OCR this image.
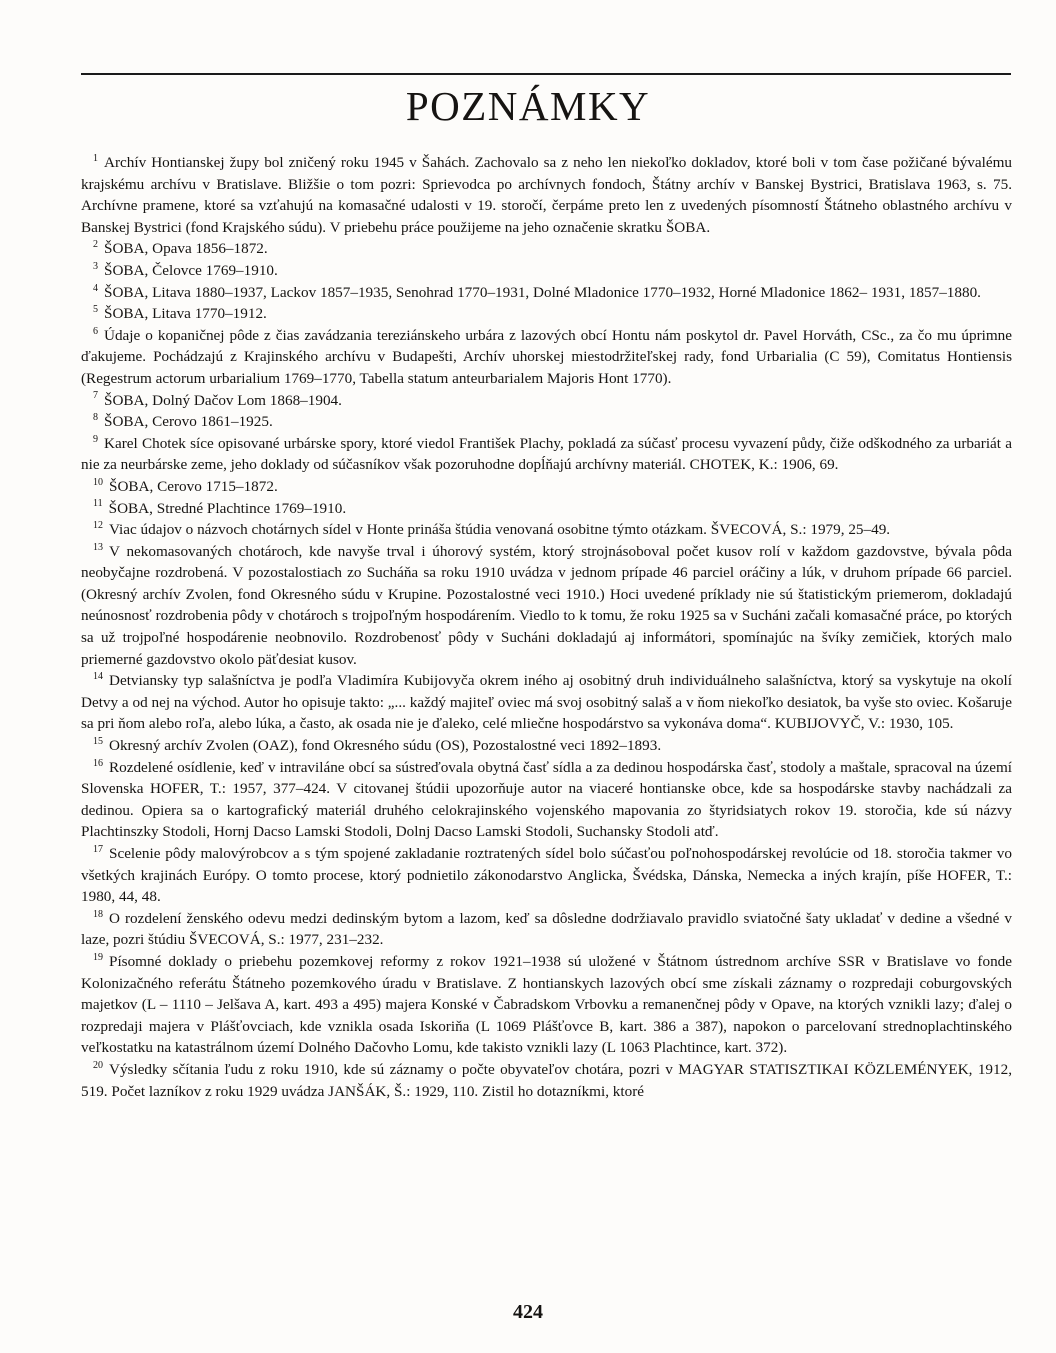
POZNÁMKY

$^1$ Archív Hontianskej župy bol zničený roku 1945 v Šahách. Zachovalo sa z neho len niekoľko dokladov, ktoré boli v tom čase požičané bývalému krajskému archívu v Bratislave. Bližšie o tom pozri: Sprievodca po archívnych fondoch, Štátny archív v Banskej Bystrici, Bratislava 1963, s. 75. Archívne pramene, ktoré sa vzťahujú na komasačné udalosti v 19. storočí, čerpáme preto len z uvedených písomností Štátneho oblastného archívu v Banskej Bystrici (fond Krajského súdu). V priebehu práce použijeme na jeho označenie skratku ŠOBA.

$^2$ ŠOBA, Opava 1856–1872.

$^3$ ŠOBA, Čelovce 1769–1910.

$^4$ ŠOBA, Litava 1880–1937, Lackov 1857–1935, Senohrad 1770–1931, Dolné Mladonice 1770–1932, Horné Mladonice 1862– 1931, 1857–1880.

$^5$ ŠOBA, Litava 1770–1912.

$^6$ Údaje o kopaničnej pôde z čias zavádzania tereziánskeho urbára z lazových obcí Hontu nám poskytol dr. Pavel Horváth, CSc., za čo mu úprimne ďakujeme. Pochádzajú z Krajinského archívu v Budapešti, Archív uhorskej miestodržiteľskej rady, fond Urbarialia (C 59), Comitatus Hontiensis (Regestrum actorum urbarialium 1769–1770, Tabella statum anteurbarialem Majoris Hont 1770).

$^7$ ŠOBA, Dolný Dačov Lom 1868–1904.

$^8$ ŠOBA, Cerovo 1861–1925.

$^9$ Karel Chotek síce opisované urbárske spory, ktoré viedol František Plachy, pokladá za súčasť procesu vyvazení půdy, čiže odškodného za urbariát a nie za neurbárske zeme, jeho doklady od súčasníkov však pozoruhodne dopĺňajú archívny materiál. CHOTEK, K.: 1906, 69.

$^{10}$ ŠOBA, Cerovo 1715–1872.

$^{11}$ ŠOBA, Stredné Plachtince 1769–1910.

$^{12}$ Viac údajov o názvoch chotárnych sídel v Honte prináša štúdia venovaná osobitne týmto otázkam. ŠVECOVÁ, S.: 1979, 25–49.

$^{13}$ V nekomasovaných chotároch, kde navyše trval i úhorový systém, ktorý strojnásoboval počet kusov rolí v každom gazdovstve, bývala pôda neobyčajne rozdrobená. V pozostalostiach zo Sucháňa sa roku 1910 uvádza v jednom prípade 46 parciel oráčiny a lúk, v druhom prípade 66 parciel. (Okresný archív Zvolen, fond Okresného súdu v Krupine. Pozostalostné veci 1910.) Hoci uvedené príklady nie sú štatistickým priemerom, dokladajú neúnosnosť rozdrobenia pôdy v chotároch s trojpoľným hospodárením. Viedlo to k tomu, že roku 1925 sa v Sucháni začali komasačné práce, po ktorých sa už trojpoľné hospodárenie neobnovilo. Rozdrobenosť pôdy v Sucháni dokladajú aj informátori, spomínajúc na švíky zemičiek, ktorých malo priemerné gazdovstvo okolo päťdesiat kusov.

$^{14}$ Detviansky typ salašníctva je podľa Vladimíra Kubijovyča okrem iného aj osobitný druh individuálneho salašníctva, ktorý sa vyskytuje na okolí Detvy a od nej na východ. Autor ho opisuje takto: „... každý majiteľ oviec má svoj osobitný salaš a v ňom niekoľko desiatok, ba vyše sto oviec. Košaruje sa pri ňom alebo roľa, alebo lúka, a často, ak osada nie je ďaleko, celé mliečne hospodárstvo sa vykonáva doma“. KUBIJOVYČ, V.: 1930, 105.

$^{15}$ Okresný archív Zvolen (OAZ), fond Okresného súdu (OS), Pozostalostné veci 1892–1893.

$^{16}$ Rozdelené osídlenie, keď v intraviláne obcí sa sústreďovala obytná časť sídla a za dedinou hospodárska časť, stodoly a maštale, spracoval na území Slovenska HOFER, T.: 1957, 377–424. V citovanej štúdii upozorňuje autor na viaceré hontianske obce, kde sa hospodárske stavby nachádzali za dedinou. Opiera sa o kartografický materiál druhého celokrajinského vojenského mapovania zo štyridsiatych rokov 19. storočia, kde sú názvy Plachtinszky Stodoli, Hornj Dacso Lamski Stodoli, Dolnj Dacso Lamski Stodoli, Suchansky Stodoli atď.

$^{17}$ Scelenie pôdy malovýrobcov a s tým spojené zakladanie roztratených sídel bolo súčasťou poľnohospodárskej revolúcie od 18. storočia takmer vo všetkých krajinách Európy. O tomto procese, ktorý podnietilo zákonodarstvo Anglicka, Švédska, Dánska, Nemecka a iných krajín, píše HOFER, T.: 1980, 44, 48.

$^{18}$ O rozdelení ženského odevu medzi dedinským bytom a lazom, keď sa dôsledne dodržiavalo pravidlo sviatočné šaty ukladať v dedine a všedné v laze, pozri štúdiu ŠVECOVÁ, S.: 1977, 231–232.

$^{19}$ Písomné doklady o priebehu pozemkovej reformy z rokov 1921–1938 sú uložené v Štátnom ústrednom archíve SSR v Bratislave vo fonde Kolonizačného referátu Štátneho pozemkového úradu v Bratislave. Z hontianskych lazových obcí sme získali záznamy o rozpredaji coburgovských majetkov (L – 1110 – Jelšava A, kart. 493 a 495) majera Konské v Čabradskom Vrbovku a remanenčnej pôdy v Opave, na ktorých vznikli lazy; ďalej o rozpredaji majera v Plášťovciach, kde vznikla osada Iskoriňa (L 1069 Plášťovce B, kart. 386 a 387), napokon o parcelovaní strednoplachtinského veľkostatku na katastrálnom území Dolného Dačovho Lomu, kde takisto vznikli lazy (L 1063 Plachtince, kart. 372).

$^{20}$ Výsledky sčítania ľudu z roku 1910, kde sú záznamy o počte obyvateľov chotára, pozri v MAGYAR STATISZTIKAI KÖZLEMÉNYEK, 1912, 519. Počet lazníkov z roku 1929 uvádza JANŠÁK, Š.: 1929, 110. Zistil ho dotazníkmi, ktoré

424
